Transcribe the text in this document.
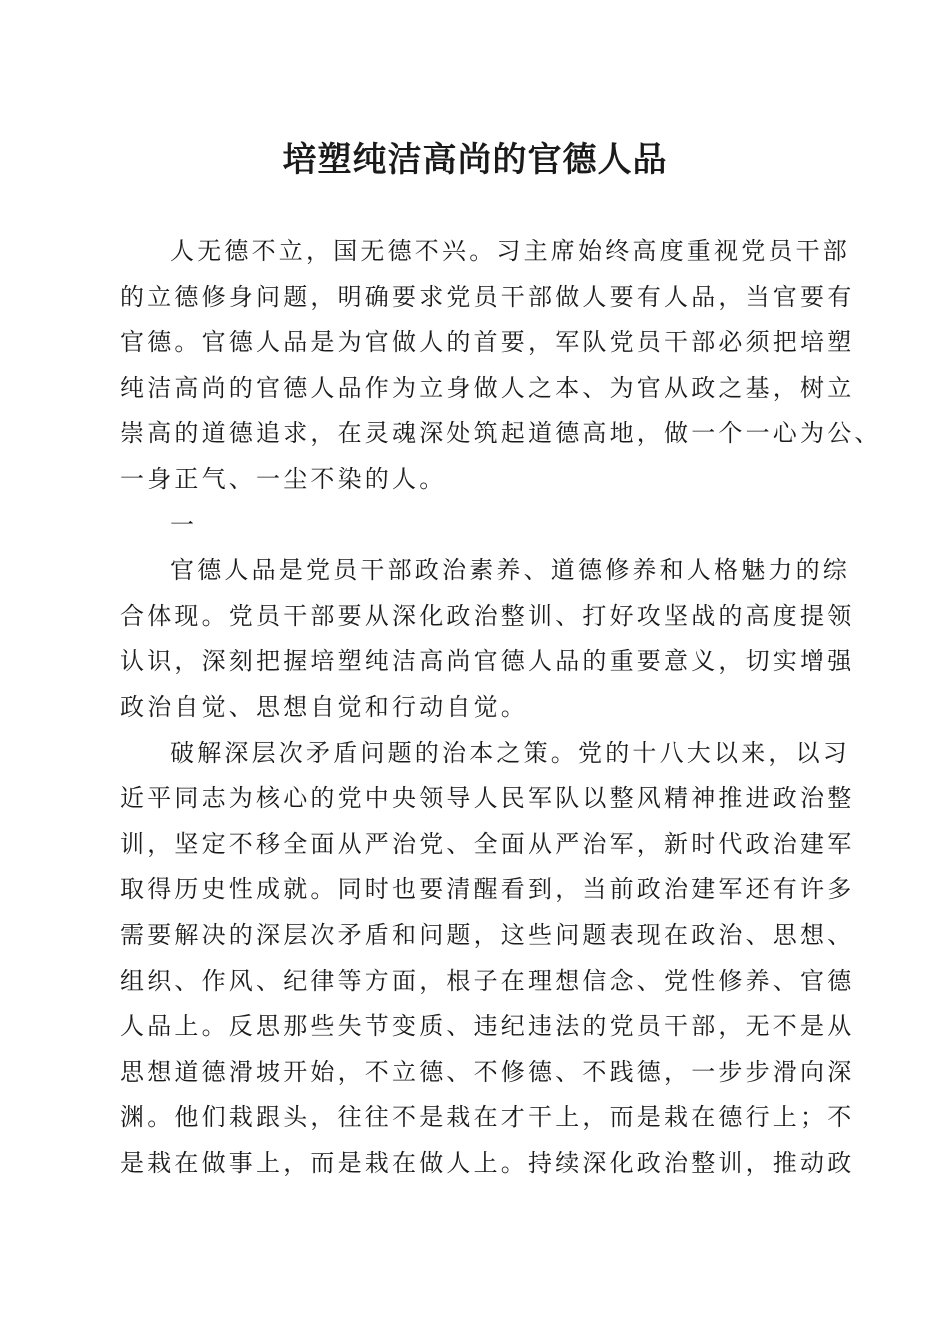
培塑纯洁高尚的官德人品
人无德不立，国无德不兴。习主席始终高度重视党员干部
的立德修身问题，明确要求党员干部做人要有人品，当官要有
官德。官德人品是为官做人的首要，军队党员干部必须把培塑
纯洁高尚的官德人品作为立身做人之本、为官从政之基，树立
崇高的道德追求，在灵魂深处筑起道德高地，做一个一心为公、
一身正气、一尘不染的人。
一
官德人品是党员干部政治素养、道德修养和人格魅力的综
合体现。党员干部要从深化政治整训、打好攻坚战的高度提领
认识，深刻把握培塑纯洁高尚官德人品的重要意义，切实增强
政治自觉、思想自觉和行动自觉。
破解深层次矛盾问题的治本之策。党的十八大以来，以习
近平同志为核心的党中央领导人民军队以整风精神推进政治整
训，坚定不移全面从严治党、全面从严治军，新时代政治建军
取得历史性成就。同时也要清醒看到，当前政治建军还有许多
需要解决的深层次矛盾和问题，这些问题表现在政治、思想、
组织、作风、纪律等方面，根子在理想信念、党性修养、官德
人品上。反思那些失节变质、违纪违法的党员干部，无不是从
思想道德滑坡开始，不立德、不修德、不践德，一步步滑向深
渊。他们栽跟头，往往不是栽在才干上，而是栽在德行上；不
是栽在做事上，而是栽在做人上。持续深化政治整训，推动政
